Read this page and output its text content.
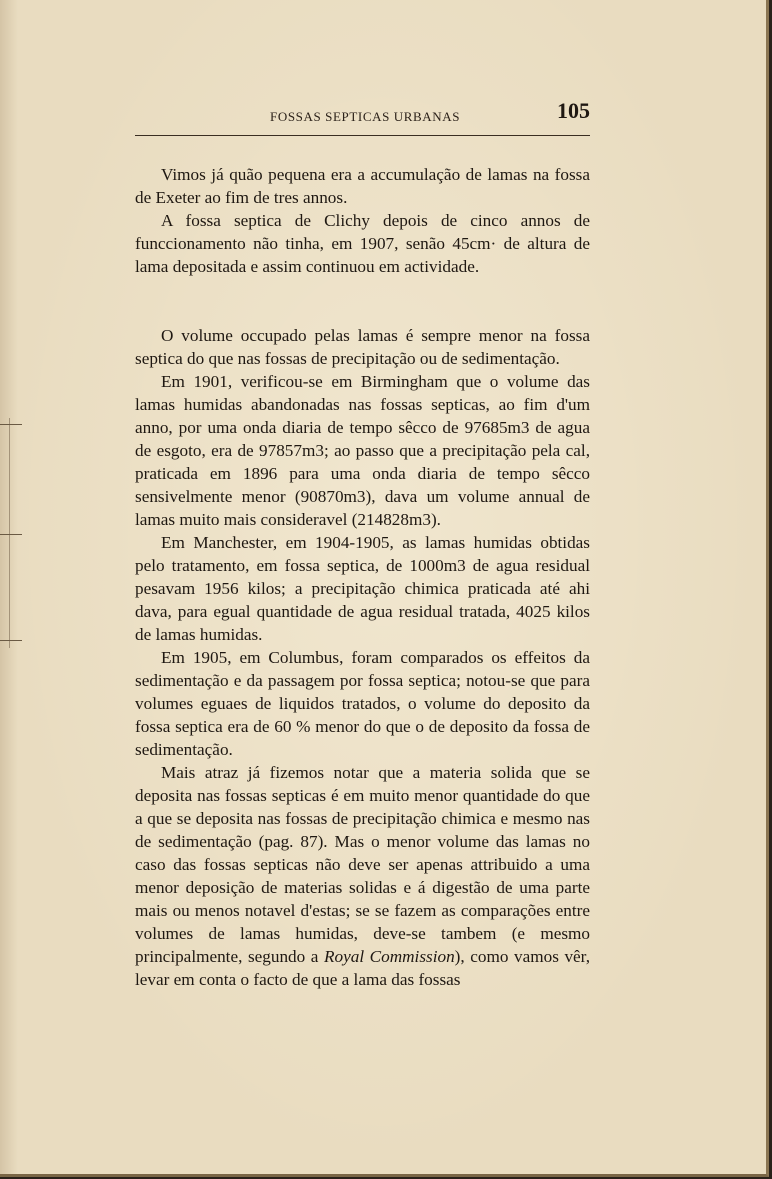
FOSSAS SEPTICAS URBANAS	105

Vimos já quão pequena era a accumulação de lamas na fossa de Exeter ao fim de tres annos.

A fossa septica de Clichy depois de cinco annos de funccionamento não tinha, em 1907, senão 45cm· de altura de lama depositada e assim continuou em actividade.

O volume occupado pelas lamas é sempre menor na fossa septica do que nas fossas de precipitação ou de sedimentação.

Em 1901, verificou-se em Birmingham que o volume das lamas humidas abandonadas nas fossas septicas, ao fim d'um anno, por uma onda diaria de tempo sêcco de 97685m3 de agua de esgoto, era de 97857m3; ao passo que a precipitação pela cal, praticada em 1896 para uma onda diaria de tempo sêcco sensivelmente menor (90870m3), dava um volume annual de lamas muito mais consideravel (214828m3).

Em Manchester, em 1904-1905, as lamas humidas obtidas pelo tratamento, em fossa septica, de 1000m3 de agua residual pesavam 1956 kilos; a precipitação chimica praticada até ahi dava, para egual quantidade de agua residual tratada, 4025 kilos de lamas humidas.

Em 1905, em Columbus, foram comparados os effeitos da sedimentação e da passagem por fossa septica; notou-se que para volumes eguaes de liquidos tratados, o volume do deposito da fossa septica era de 60 % menor do que o de deposito da fossa de sedimentação.

Mais atraz já fizemos notar que a materia solida que se deposita nas fossas septicas é em muito menor quantidade do que a que se deposita nas fossas de precipitação chimica e mesmo nas de sedimentação (pag. 87). Mas o menor volume das lamas no caso das fossas septicas não deve ser apenas attribuido a uma menor deposição de materias solidas e á digestão de uma parte mais ou menos notavel d'estas; se se fazem as comparações entre volumes de lamas humidas, deve-se tambem (e mesmo principalmente, segundo a Royal Commission), como vamos vêr, levar em conta o facto de que a lama das fossas
